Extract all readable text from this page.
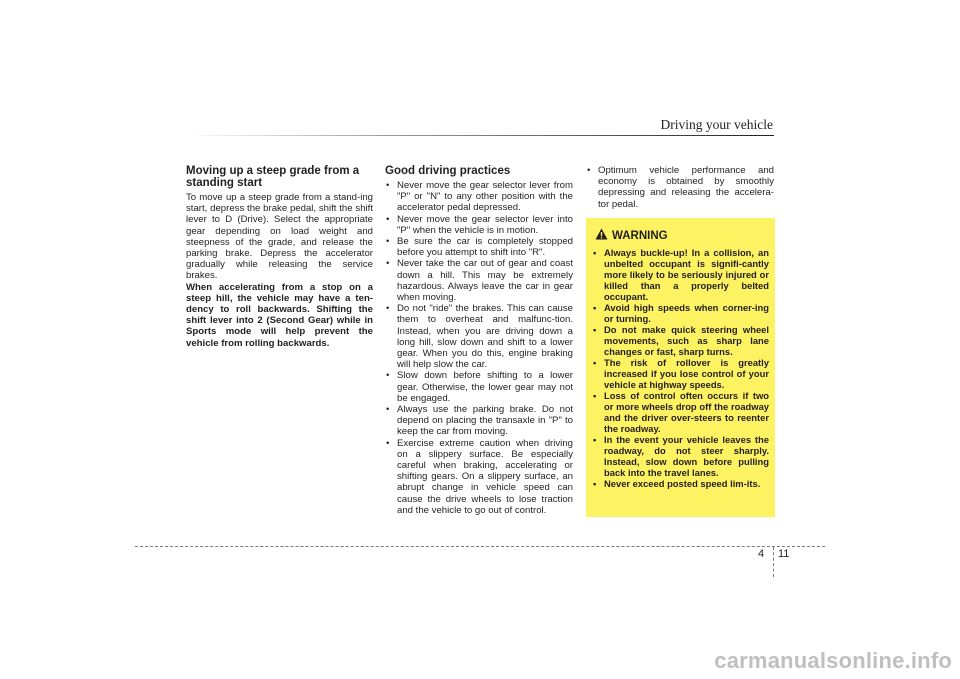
Driving your vehicle
Moving up a steep grade from a standing start

To move up a steep grade from a stand-ing start, depress the brake pedal, shift the shift lever to D (Drive). Select the appropriate gear depending on load weight and steepness of the grade, and release the parking brake. Depress the accelerator gradually while releasing the service brakes.

When accelerating from a stop on a steep hill, the vehicle may have a ten-dency to roll backwards. Shifting the shift lever into 2 (Second Gear) while in Sports mode will help prevent the vehicle from rolling backwards.

Good driving practices
• Never move the gear selector lever from "P" or "N" to any other position with the accelerator pedal depressed.
• Never move the gear selector lever into "P" when the vehicle is in motion.
• Be sure the car is completely stopped before you attempt to shift into "R".
• Never take the car out of gear and coast down a hill. This may be extremely hazardous. Always leave the car in gear when moving.
• Do not "ride" the brakes. This can cause them to overheat and malfunc-tion. Instead, when you are driving down a long hill, slow down and shift to a lower gear. When you do this, engine braking will help slow the car.
• Slow down before shifting to a lower gear. Otherwise, the lower gear may not be engaged.
• Always use the parking brake. Do not depend on placing the transaxle in "P" to keep the car from moving.
• Exercise extreme caution when driving on a slippery surface. Be especially careful when braking, accelerating or shifting gears. On a slippery surface, an abrupt change in vehicle speed can cause the drive wheels to lose traction and the vehicle to go out of control.
• Optimum vehicle performance and economy is obtained by smoothly depressing and releasing the accelera-tor pedal.
WARNING
• Always buckle-up! In a collision, an unbelted occupant is signifi-cantly more likely to be seriously injured or killed than a properly belted occupant.
• Avoid high speeds when corner-ing or turning.
• Do not make quick steering wheel movements, such as sharp lane changes or fast, sharp turns.
• The risk of rollover is greatly increased if you lose control of your vehicle at highway speeds.
• Loss of control often occurs if two or more wheels drop off the roadway and the driver over-steers to reenter the roadway.
• In the event your vehicle leaves the roadway, do not steer sharply. Instead, slow down before pulling back into the travel lanes.
• Never exceed posted speed lim-its.
4 11
carmanualsonline.info
